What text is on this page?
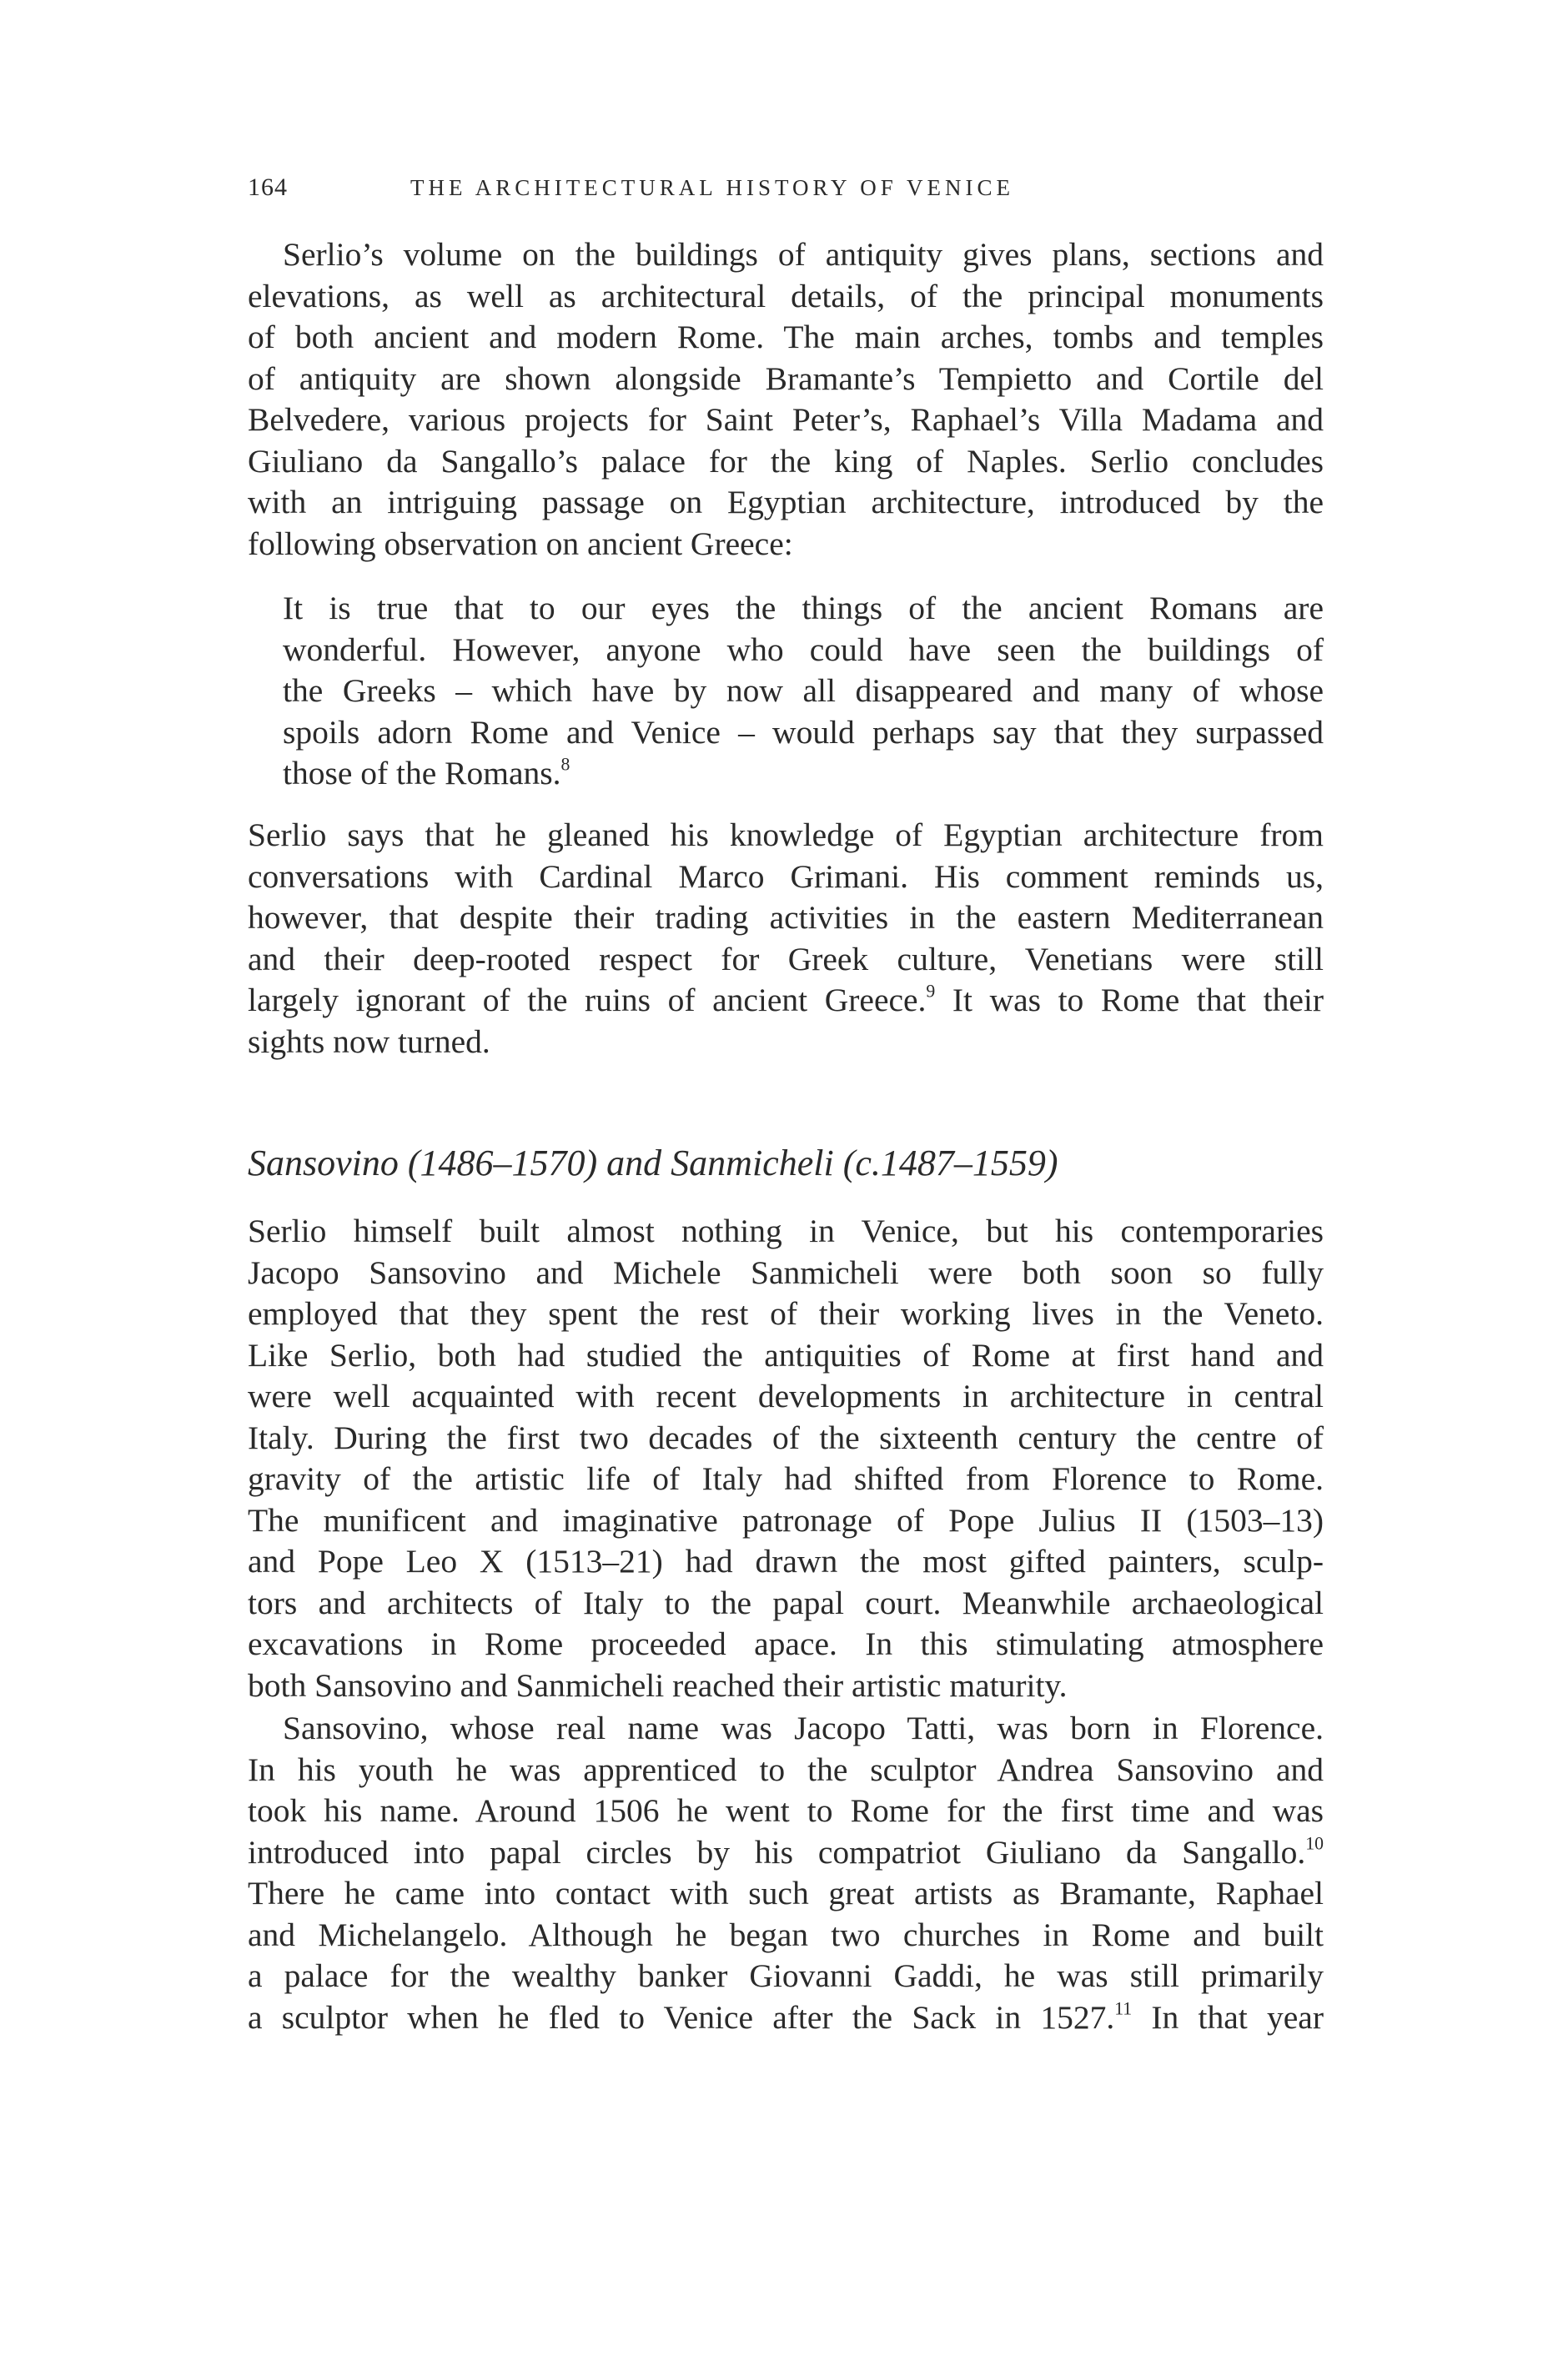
164	THE ARCHITECTURAL HISTORY OF VENICE

Serlio’s volume on the buildings of antiquity gives plans, sections and
elevations, as well as architectural details, of the principal monuments
of both ancient and modern Rome. The main arches, tombs and temples
of antiquity are shown alongside Bramante’s Tempietto and Cortile del
Belvedere, various projects for Saint Peter’s, Raphael’s Villa Madama and
Giuliano da Sangallo’s palace for the king of Naples. Serlio concludes
with an intriguing passage on Egyptian architecture, introduced by the
following observation on ancient Greece:

It is true that to our eyes the things of the ancient Romans are
wonderful. However, anyone who could have seen the buildings of
the Greeks – which have by now all disappeared and many of whose
spoils adorn Rome and Venice – would perhaps say that they surpassed
those of the Romans.$^8$

Serlio says that he gleaned his knowledge of Egyptian architecture from
conversations with Cardinal Marco Grimani. His comment reminds us,
however, that despite their trading activities in the eastern Mediterranean
and their deep-rooted respect for Greek culture, Venetians were still
largely ignorant of the ruins of ancient Greece.$^9$ It was to Rome that their
sights now turned.

Sansovino (1486–1570) and Sanmicheli (c.1487–1559)

Serlio himself built almost nothing in Venice, but his contemporaries
Jacopo Sansovino and Michele Sanmicheli were both soon so fully
employed that they spent the rest of their working lives in the Veneto.
Like Serlio, both had studied the antiquities of Rome at first hand and
were well acquainted with recent developments in architecture in central
Italy. During the first two decades of the sixteenth century the centre of
gravity of the artistic life of Italy had shifted from Florence to Rome.
The munificent and imaginative patronage of Pope Julius II (1503–13)
and Pope Leo X (1513–21) had drawn the most gifted painters, sculp-
tors and architects of Italy to the papal court. Meanwhile archaeological
excavations in Rome proceeded apace. In this stimulating atmosphere
both Sansovino and Sanmicheli reached their artistic maturity.

Sansovino, whose real name was Jacopo Tatti, was born in Florence.
In his youth he was apprenticed to the sculptor Andrea Sansovino and
took his name. Around 1506 he went to Rome for the first time and was
introduced into papal circles by his compatriot Giuliano da Sangallo.$^{10}$
There he came into contact with such great artists as Bramante, Raphael
and Michelangelo. Although he began two churches in Rome and built
a palace for the wealthy banker Giovanni Gaddi, he was still primarily
a sculptor when he fled to Venice after the Sack in 1527.11 In that year
